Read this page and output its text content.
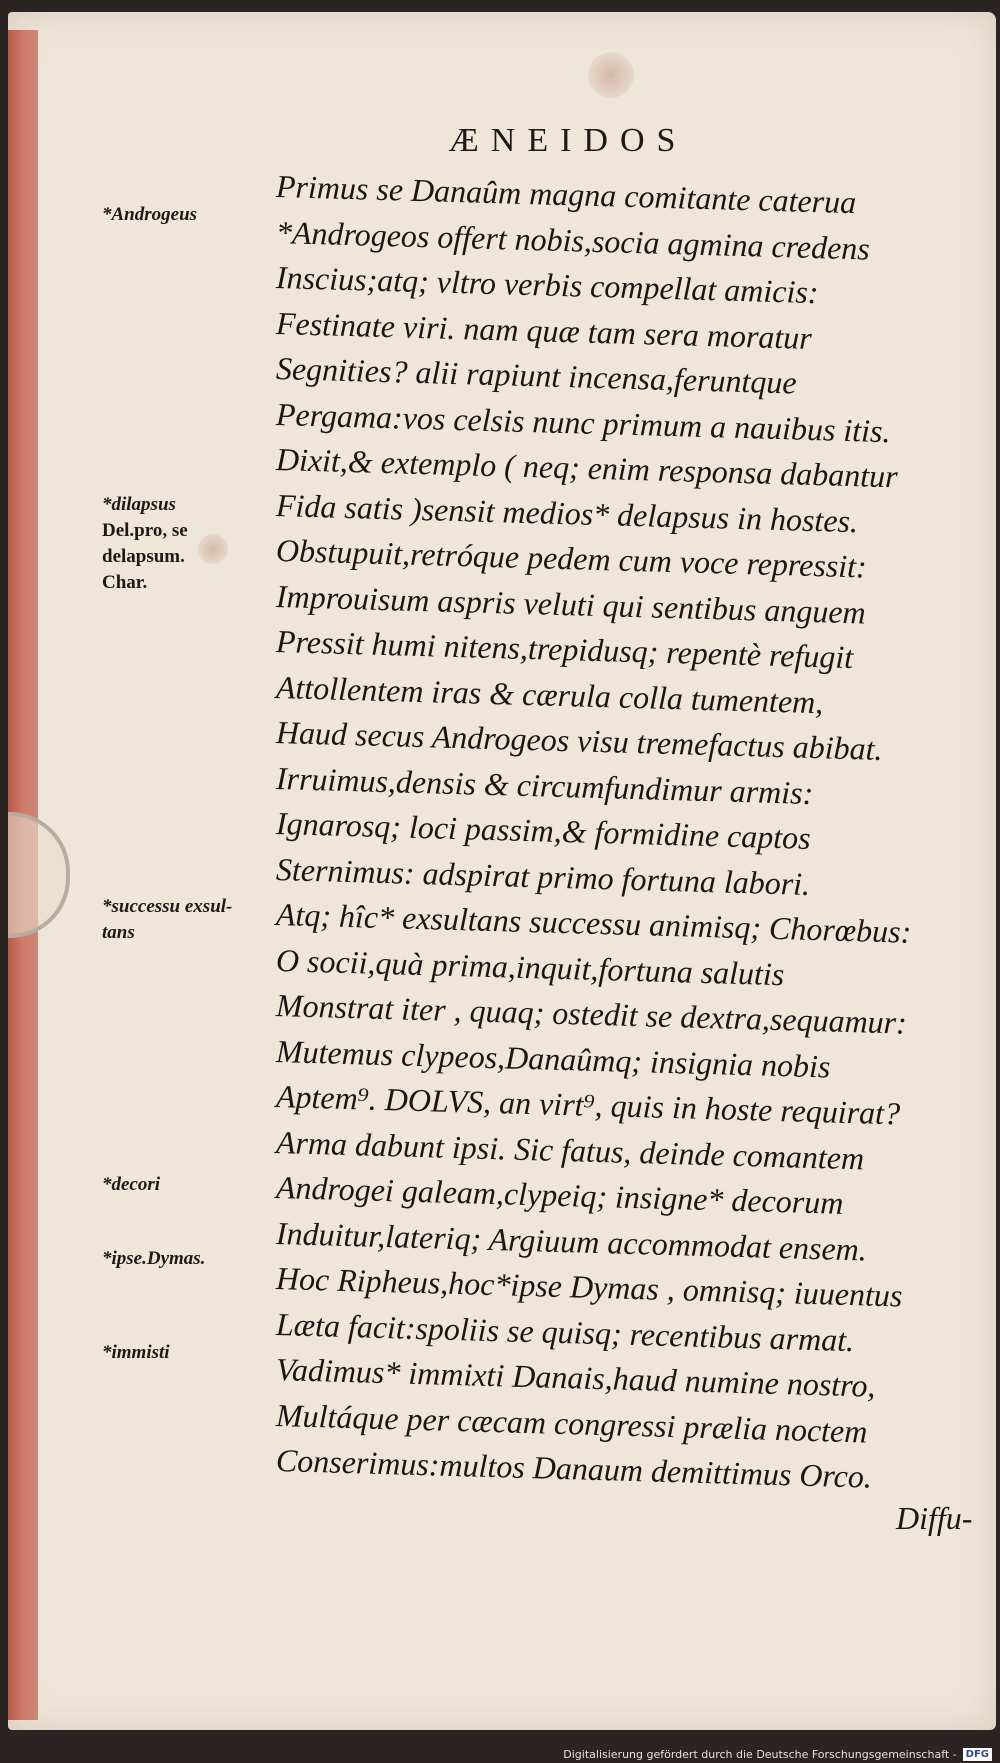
ÆNEIDOS
*Androgeus
*dilapsus
Del.pro, se
delapsum.
Char.
*successu exsul-
tans
*decori
*ipse.Dymas.
*immisti
Primus se Danaûm magna comitante caterua
*Androgeos offert nobis,socia agmina credens
Inscius;atq; vltro verbis compellat amicis:
Festinate viri. nam quæ tam sera moratur
Segnities? alii rapiunt incensa,feruntque
Pergama:vos celsis nunc primum a nauibus itis.
Dixit,& extemplo ( neq; enim responsa dabantur
Fida satis )sensit medios* delapsus in hostes.
Obstupuit,retróque pedem cum voce repressit:
Improuisum aspris veluti qui sentibus anguem
Pressit humi nitens,trepidusq; repentè refugit
Attollentem iras & cærula colla tumentem,
Haud secus Androgeos visu tremefactus abibat.
Irruimus,densis & circumfundimur armis:
Ignarosq; loci passim,& formidine captos
Sternimus: adspirat primo fortuna labori.
Atq; hîc* exsultans successu animisq; Chorœbus:
O socii,quà prima,inquit,fortuna salutis
Monstrat iter , quaq; ostedit se dextra,sequamur:
Mutemus clypeos,Danaûmq; insignia nobis
Aptem⁹. DOLVS, an virt⁹, quis in hoste requirat?
Arma dabunt ipsi. Sic fatus, deinde comantem
Androgei galeam,clypeiq; insigne* decorum
Induitur,lateriq; Argiuum accommodat ensem.
Hoc Ripheus,hoc*ipse Dymas , omnisq; iuuentus
Læta facit:spoliis se quisq; recentibus armat.
Vadimus* immixti Danais,haud numine nostro,
Multáque per cæcam congressi prælia noctem
Conserimus:multos Danaum demittimus Orco.
Diffu-
Digitalisierung gefördert durch die Deutsche Forschungsgemeinschaft - DFG
